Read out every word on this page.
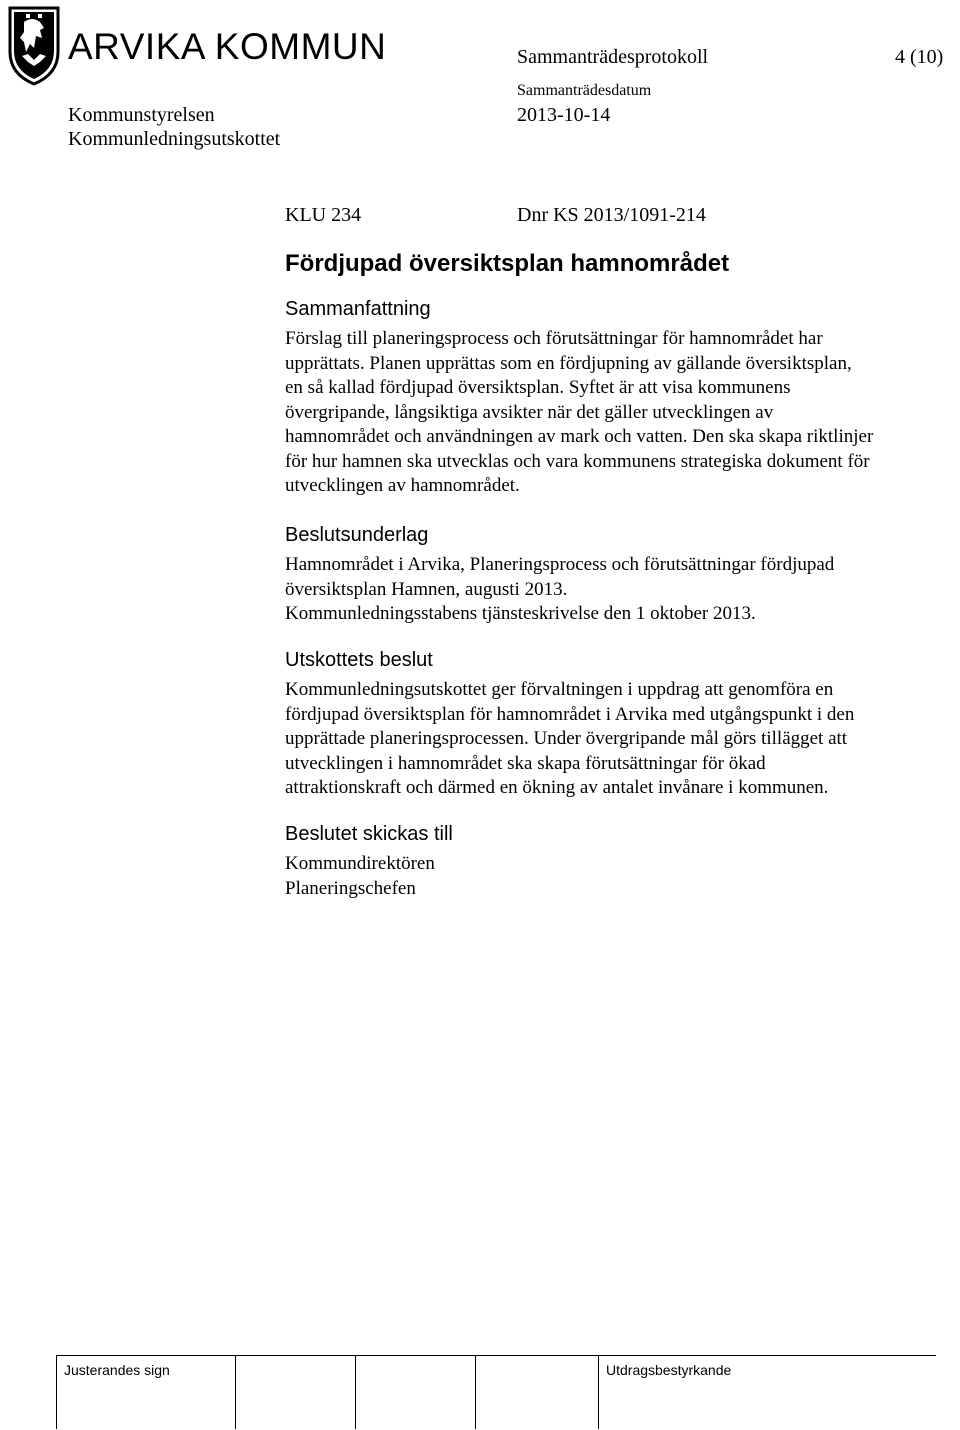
ARVIKA KOMMUN	Sammanträdesprotokoll	4 (10)
Sammanträdesdatum
2013-10-14
Kommunstyrelsen
Kommunledningsutskottet
KLU 234	Dnr KS 2013/1091-214
Fördjupad översiktsplan hamnområdet
Sammanfattning

Förslag till planeringsprocess och förutsättningar för hamnområdet har
upprättats. Planen upprättas som en fördjupning av gällande översiktsplan,
en så kallad fördjupad översiktsplan. Syftet är att visa kommunens
övergripande, långsiktiga avsikter när det gäller utvecklingen av
hamnområdet och användningen av mark och vatten. Den ska skapa riktlinjer
för hur hamnen ska utvecklas och vara kommunens strategiska dokument för
utvecklingen av hamnområdet.

Beslutsunderlag

Hamnområdet i Arvika, Planeringsprocess och förutsättningar fördjupad
översiktsplan Hamnen, augusti 2013.
Kommunledningsstabens tjänsteskrivelse den 1 oktober 2013.

Utskottets beslut

Kommunledningsutskottet ger förvaltningen i uppdrag att genomföra en
fördjupad översiktsplan för hamnområdet i Arvika med utgångspunkt i den
upprättade planeringsprocessen. Under övergripande mål görs tillägget att
utvecklingen i hamnområdet ska skapa förutsättningar för ökad
attraktionskraft och därmed en ökning av antalet invånare i kommunen.

Beslutet skickas till

Kommundirektören
Planeringschefen

Justerandes sign	Utdragsbestyrkande
